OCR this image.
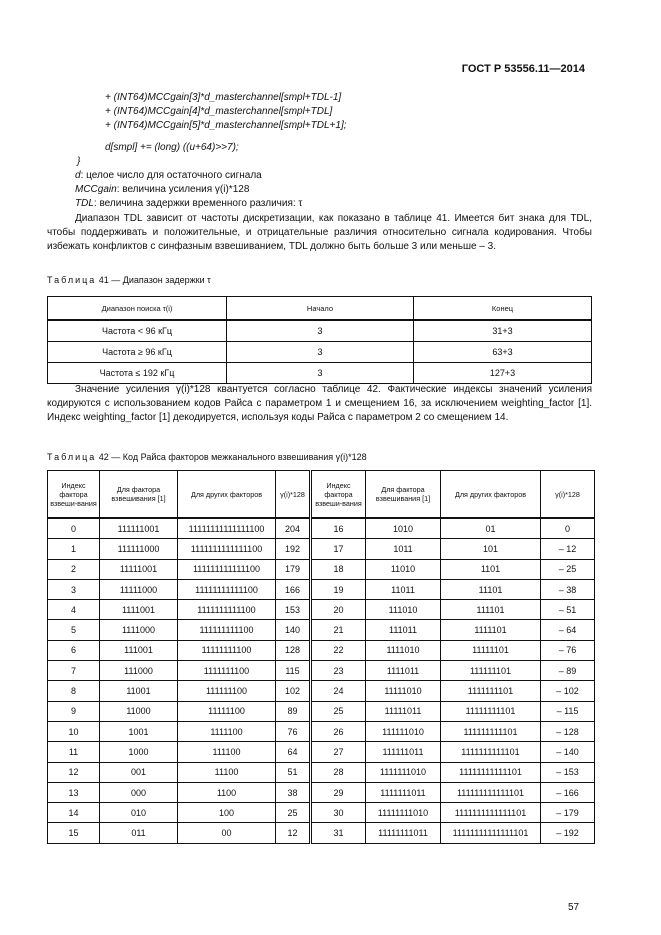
ГОСТ Р 53556.11—2014
+ (INT64)MCCgain[3]*d_masterchannel[smpl+TDL-1]
+ (INT64)MCCgain[4]*d_masterchannel[smpl+TDL]
+ (INT64)MCCgain[5]*d_masterchannel[smpl+TDL+1];
d[smpl] += (long) ((u+64)>>7);
}
d: целое число для остаточного сигнала
MCCgain: величина усиления γ(i)*128
TDL: величина задержки временного различия: τ
Диапазон TDL зависит от частоты дискретизации, как показано в таблице 41. Имеется бит знака для TDL, чтобы поддерживать и положительные, и отрицательные различия относительно сигнала кодирования. Чтобы избежать конфликтов с синфазным взвешиванием, TDL должно быть больше 3 или меньше – 3.
Таблица 41 — Диапазон задержки τ
Диапазон поиска τ(i)	Начало	Конец
Частота < 96 кГц	3	31+3
Частота ≥ 96 кГц	3	63+3
Частота ≤ 192 кГц	3	127+3
Значение усиления γ(i)*128 квантуется согласно таблице 42. Фактические индексы значений усиления кодируются с использованием кодов Райса с параметром 1 и смещением 16, за исключением weighting_factor [1]. Индекс weighting_factor [1] декодируется, используя коды Райса с параметром 2 со смещением 14.
Таблица 42 — Код Райса факторов межканального взвешивания γ(i)*128
Индекс фактора взвеши-вания	Для фактора взвешивания [1]	Для других факторов	γ(i)*128	Индекс фактора взвеши-вания	Для фактора взвешивания [1]	Для других факторов	γ(i)*128
0	111111001	11111111111111100	204	16	1010	01	0
1	111111000	1111111111111100	192	17	1011	101	– 12
2	11111001	111111111111100	179	18	11010	1101	– 25
3	11111000	11111111111100	166	19	11011	11101	– 38
4	1111001	1111111111100	153	20	111010	111101	– 51
5	1111000	111111111100	140	21	111011	1111101	– 64
6	111001	11111111100	128	22	1111010	11111101	– 76
7	111000	1111111100	115	23	1111011	111111101	– 89
8	11001	111111100	102	24	11111010	1111111101	– 102
9	11000	11111100	89	25	11111011	11111111101	– 115
10	1001	1111100	76	26	111111010	111111111101	– 128
11	1000	111100	64	27	111111011	1111111111101	– 140
12	001	11100	51	28	1111111010	11111111111101	– 153
13	000	1100	38	29	1111111011	111111111111101	– 166
14	010	100	25	30	11111111010	1111111111111101	– 179
15	011	00	12	31	11111111011	11111111111111101	– 192
57
